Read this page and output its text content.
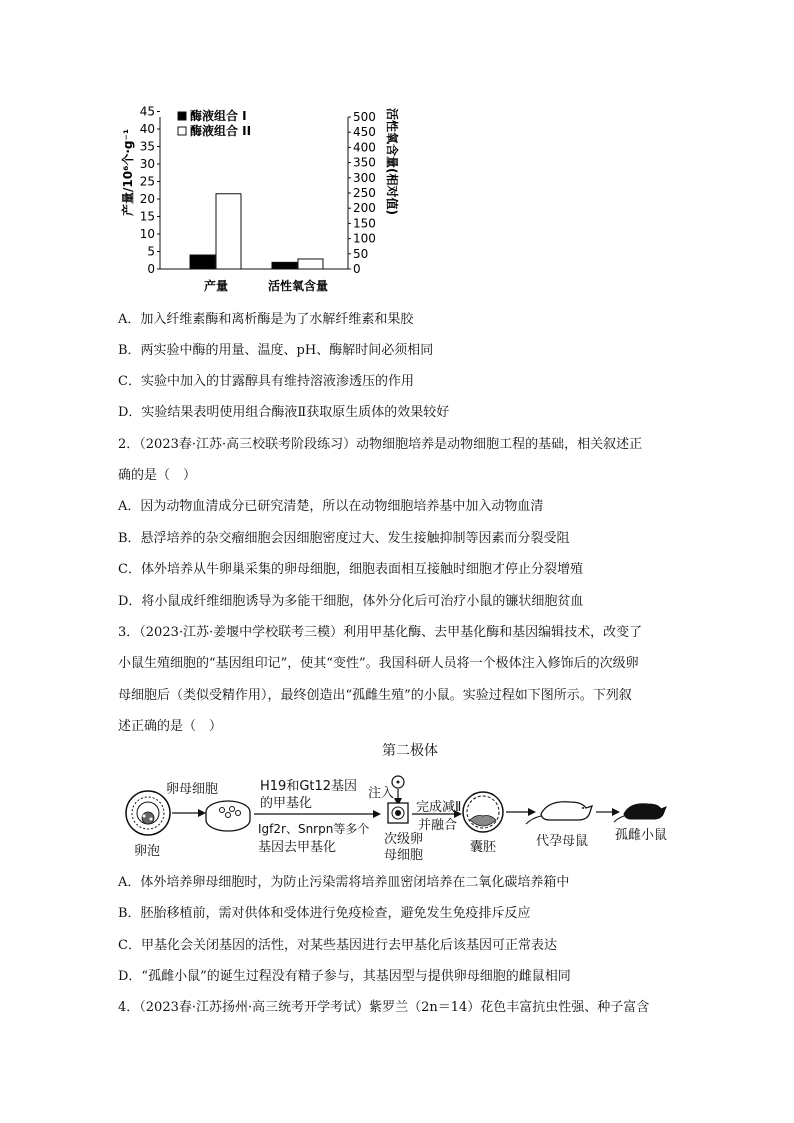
0
5
10
15
20
25
30
35
40
45
0
50
100
150
200
250
300
350
400
450
500
产量/10⁶个·g⁻¹	活性氧含量(相对值)
产量	活性氧含量
酶液组合 I
酶液组合 II
A．加入纤维素酶和离析酶是为了水解纤维素和果胶
B．两实验中酶的用量、温度、pH、酶解时间必须相同
C．实验中加入的甘露醇具有维持溶液渗透压的作用
D．实验结果表明使用组合酶液Ⅱ获取原生质体的效果较好
2．（2023春·江苏·高三校联考阶段练习）动物细胞培养是动物细胞工程的基础，相关叙述正
确的是（　）
A．因为动物血清成分已研究清楚，所以在动物细胞培养基中加入动物血清
B．悬浮培养的杂交瘤细胞会因细胞密度过大、发生接触抑制等因素而分裂受阻
C．体外培养从牛卵巢采集的卵母细胞，细胞表面相互接触时细胞才停止分裂增殖
D．将小鼠成纤维细胞诱导为多能干细胞，体外分化后可治疗小鼠的镰状细胞贫血
3．（2023·江苏·姜堰中学校联考三模）利用甲基化酶、去甲基化酶和基因编辑技术，改变了
小鼠生殖细胞的“基因组印记”，使其“变性”。我国科研人员将一个极体注入修饰后的次级卵
母细胞后（类似受精作用），最终创造出“孤雌生殖”的小鼠。实验过程如下图所示。下列叙
述正确的是（　）
第二极体
卵母细胞
卵泡
H19和Gt12基因
的甲基化
Igf2r、Snrpn等多个
基因去甲基化
注入
次级卵
母细胞
完成减Ⅱ
并融合
囊胚	代孕母鼠 孤雌小鼠
A．体外培养卵母细胞时，为防止污染需将培养皿密闭培养在二氧化碳培养箱中
B．胚胎移植前，需对供体和受体进行免疫检查，避免发生免疫排斥反应
C．甲基化会关闭基因的活性，对某些基因进行去甲基化后该基因可正常表达
D．“孤雌小鼠”的诞生过程没有精子参与，其基因型与提供卵母细胞的雌鼠相同
4．（2023春·江苏扬州·高三统考开学考试）紫罗兰（2n＝14）花色丰富抗虫性强、种子富含
